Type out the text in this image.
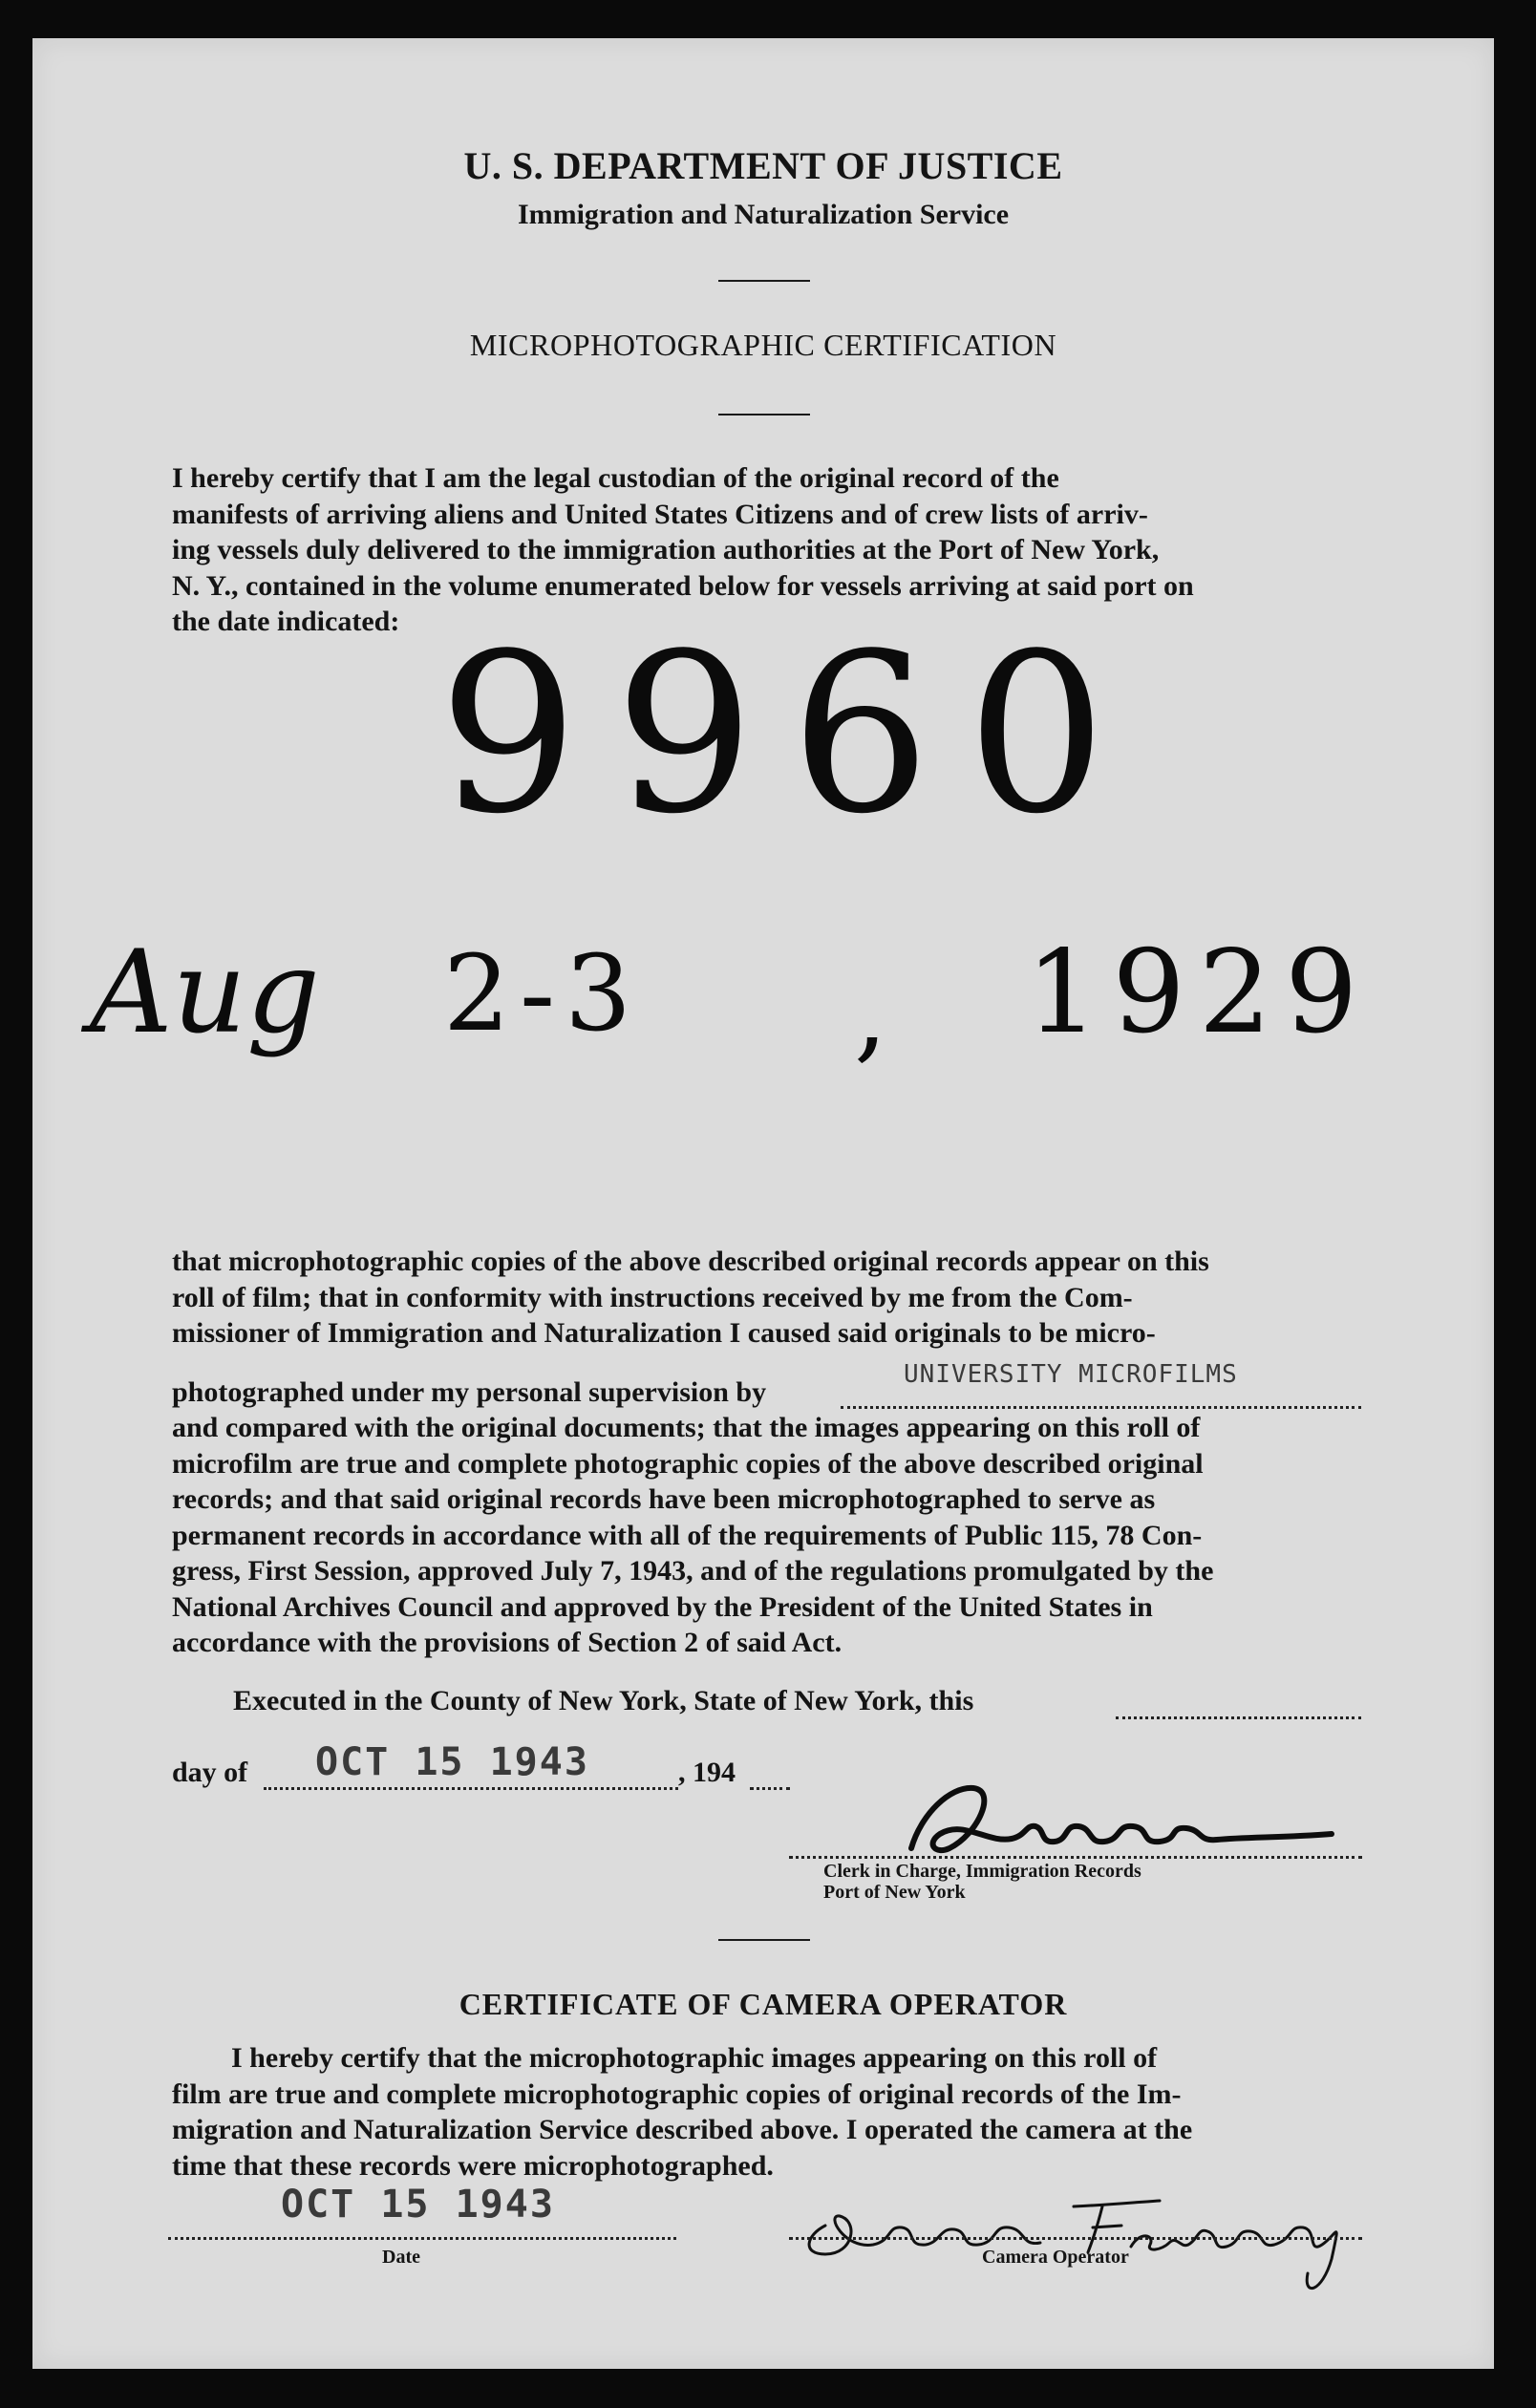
U. S. DEPARTMENT OF JUSTICE
Immigration and Naturalization Service
MICROPHOTOGRAPHIC CERTIFICATION

I hereby certify that I am the legal custodian of the original record of the

manifests of arriving aliens and United States Citizens and of crew lists of arriv-

ing vessels duly delivered to the immigration authorities at the Port of New York,

N. Y., contained in the volume enumerated below for vessels arriving at said port on

the date indicated: 9960
Aug 2-3 , 1929

that microphotographic copies of the above described original records appear on this

roll of film; that in conformity with instructions received by me from the Com-

missioner of Immigration and Naturalization I caused said originals to be micro-

photographed under my personal supervision by
UNIVERSITY MICROFILMS

and compared with the original documents; that the images appearing on this roll of

microfilm are true and complete photographic copies of the above described original

records; and that said original records have been microphotographed to serve as

permanent records in accordance with all of the requirements of Public 115, 78 Con-

gress, First Session, approved July 7, 1943, and of the regulations promulgated by the

National Archives Council and approved by the President of the United States in

accordance with the provisions of Section 2 of said Act.

Executed in the County of New York, State of New York, this
day of OCT 15 1943	, 194
Clerk in Charge, Immigration Records
Port of New York
CERTIFICATE OF CAMERA OPERATOR

I hereby certify that the microphotographic images appearing on this roll of

film are true and complete microphotographic copies of original records of the Im-

migration and Naturalization Service described above. I operated the camera at the

time that these records were microphotographed.

OCT 15 1943
Date	Camera Operator
